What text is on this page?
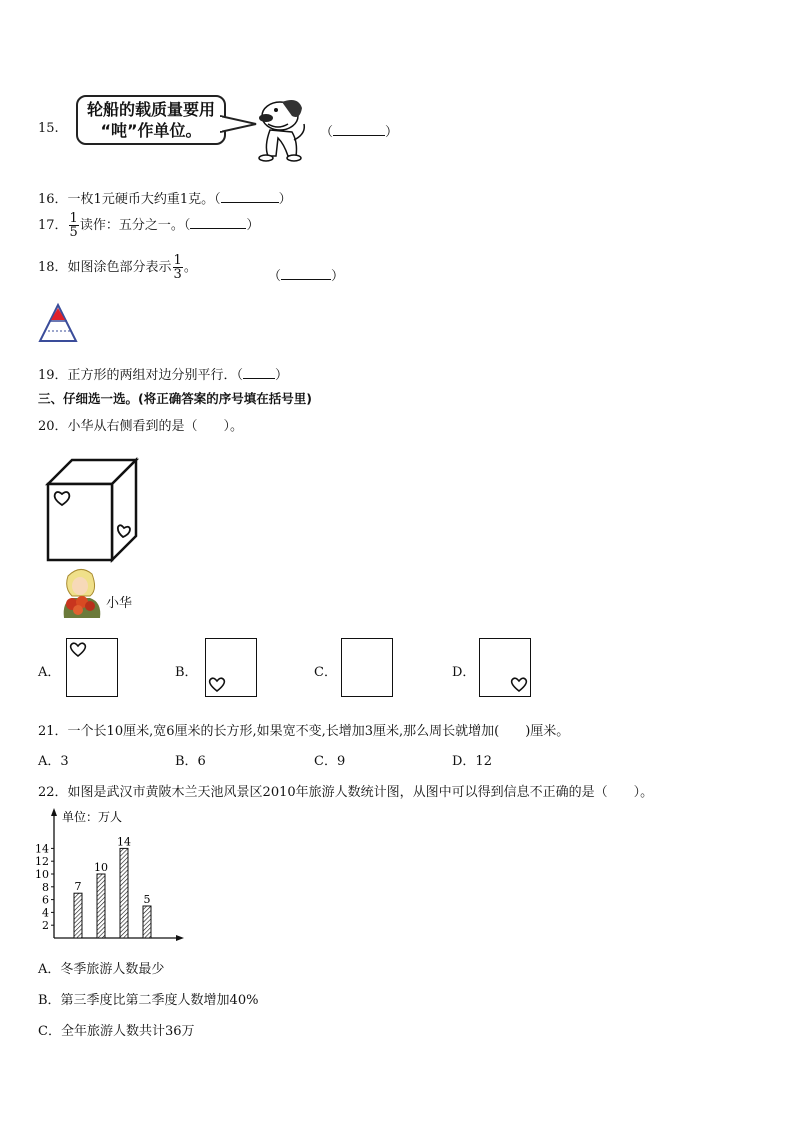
15.
轮船的载质量要用
“吨”作单位。	（	）
16．一枚1元硬币大约重1克。（	）
17． $\frac{1}{5}$ 读作：五分之一。（	）
18．如图涂色部分表示 $\frac{1}{3}$ 。
（	）
19．正方形的两组对边分别平行．（ ）
三、仔细选一选。(将正确答案的序号填在括号里)
20．小华从右侧看到的是（　　）。
小华
A．	B．	C．	D．
21．一个长10厘米,宽6厘米的长方形,如果宽不变,长增加3厘米,那么周长就增加(　　)厘米。
A．3	B．6	C．9	D．12
22．如图是武汉市黄陂木兰天池风景区2010年旅游人数统计图，从图中可以得到信息不正确的是（　　）。
单位：万人
2
4
6
8
10
12
14
7
10
14
5
A．冬季旅游人数最少
B．第三季度比第二季度人数增加40%
C．全年旅游人数共计36万
